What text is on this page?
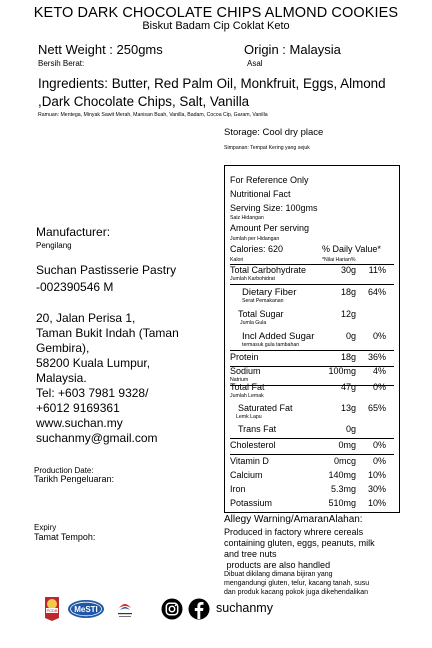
KETO DARK CHOCOLATE CHIPS ALMOND COOKIES
Biskut Badam Cip Coklat Keto
Nett Weight : 250gms
Bersih Berat:
Origin : Malaysia
Asal
Ingredients: Butter, Red Palm Oil, Monkfruit, Eggs, Almond
,Dark Chocolate Chips, Salt, Vanilla
Ramuan: Mentega, Minyak Sawit Merah, Manisan Buah, Vanilla, Badam, Cocoa Cip, Garam, Vanilla
Storage: Cool dry place
Simpanan: Tempat Kering yang sejuk
Manufacturer:
Pengilang
Suchan Pastisserie Pastry
-002390546 M
20, Jalan Perisa 1,
Taman Bukit Indah (Taman
Gembira),
58200 Kuala Lumpur,
Malaysia.
Tel: +603 7981 9328/
+6012 9169361
www.suchan.my
suchanmy@gmail.com
Production Date:
Tarikh Pengeluaran:
Expiry
Tamat Tempoh:
For Reference Only
Nutritional Fact
Serving Size: 100gms
Saiz Hidangan
Amount Per serving
Jumlah per Hidangan
Calories: 620	% Daily Value*
Kalori	*Nilai Harian%
Total Carbohydrate	30g	11%
Jumlah Karbohidrat
Dietary Fiber	18g	64%
Serat Pemakanan
Total Sugar	12g
Jumla Gula
Incl Added Sugar	0g	0%
termasuk gula tambahan
Protein	18g	36%
Sodium	100mg	4%
Natrium
Total Fat	47g	0%
Jumlah Lemak
Saturated Fat	13g	65%
Lemk Lapu
Trans Fat	0g
Cholesterol	0mg	0%
Vitamin D	0mcg	0%
Calcium	140mg	10%
Iron	5.3mg	30%
Potassium	510mg	10%
Allegy Warning/AmaranAlahan:
Produced in factory whrere cereals
containing gluten, eggs, peanuts, milk
and tree nuts
products are also handled
Dibuat dikilang dimana bijiran yang
mengandungi gluten, telur, kacang tanah, susu
dan produk kacang pokok juga dikehendalikan
PCDB MeSTI	suchanmy
